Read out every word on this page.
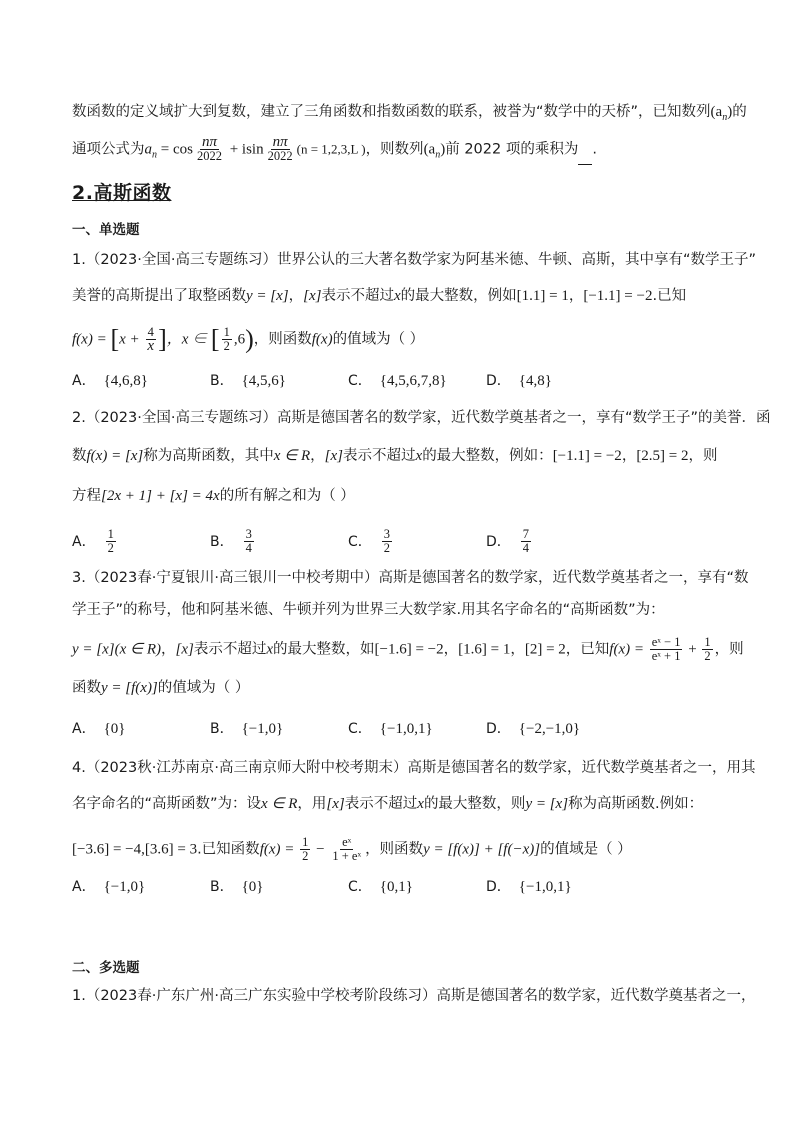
数函数的定义域扩大到复数，建立了三角函数和指数函数的联系，被誉为“数学中的天桥”，已知数列$(a_n)$的
通项公式为$a_n = \cos \frac{n\pi}{2022} + isin \frac{n\pi}{2022} (n = 1,2,3,L$ )，则数列$(a_n)$前 2022 项的乘积为 .
2.高斯函数
一、单选题
1.（2023·全国·高三专题练习）世界公认的三大著名数学家为阿基米德、牛顿、高斯，其中享有“数学王子”
美誉的高斯提出了取整函数y = [x]，[x]表示不超过x的最大整数，例如[1.1] = 1，[−1.1] = −2.已知
$f(x) = [x + \frac{4}{x}$ ]，x ∈ [ $\frac{1}{2} ,6$)，则函数f(x)的值域为（ ）
A． {4,6,8}	B． {4,5,6}	C． {4,5,6,7,8}	D． {4,8}
2.（2023·全国·高三专题练习）高斯是德国著名的数学家，近代数学奠基者之一，享有“数学王子”的美誉．函
数f(x) = [x]称为高斯函数，其中x ∈ R，[x]表示不超过x的最大整数，例如：[−1.1] = −2，[2.5] = 2，则
方程[2x + 1] + [x] = 4x的所有解之和为（ ）
A． $\frac{1}{2}$	B． $\frac{3}{4}$	C． $\frac{3}{2}$	D． $\frac{7}{4}$
3.（2023春·宁夏银川·高三银川一中校考期中）高斯是德国著名的数学家，近代数学奠基者之一，享有“数
学王子”的称号，他和阿基米德、牛顿并列为世界三大数学家.用其名字命名的“高斯函数”为：
y = [x](x ∈ R)，[x]表示不超过x的最大整数，如[−1.6] = −2，[1.6] = 1，[2] = 2，已知$f(x) = \frac{\text{eˣ − 1}}{\text{eˣ + 1}} + \frac{1}{2}$ ，则
函数y = [f(x)]的值域为（ ）
A． {0}	B． {−1,0}	C． {−1,0,1}	D． {−2,−1,0}
4.（2023秋·江苏南京·高三南京师大附中校考期末）高斯是德国著名的数学家，近代数学奠基者之一，用其
名字命名的“高斯函数”为：设x ∈ R，用[x]表示不超过x的最大整数，则y = [x]称为高斯函数.例如：
[−3.6] = −4,[3.6] = 3.已知函数$f(x) = \frac{1}{2} - \frac{\text{eˣ}}{\text{1 + eˣ}}$ ，则函数y = [f(x)] + [f(−x)]的值域是（ ）
A． {−1,0}	B． {0}	C． {0,1}	D． {−1,0,1}
二、多选题
1.（2023春·广东广州·高三广东实验中学校考阶段练习）高斯是德国著名的数学家，近代数学奠基者之一，
